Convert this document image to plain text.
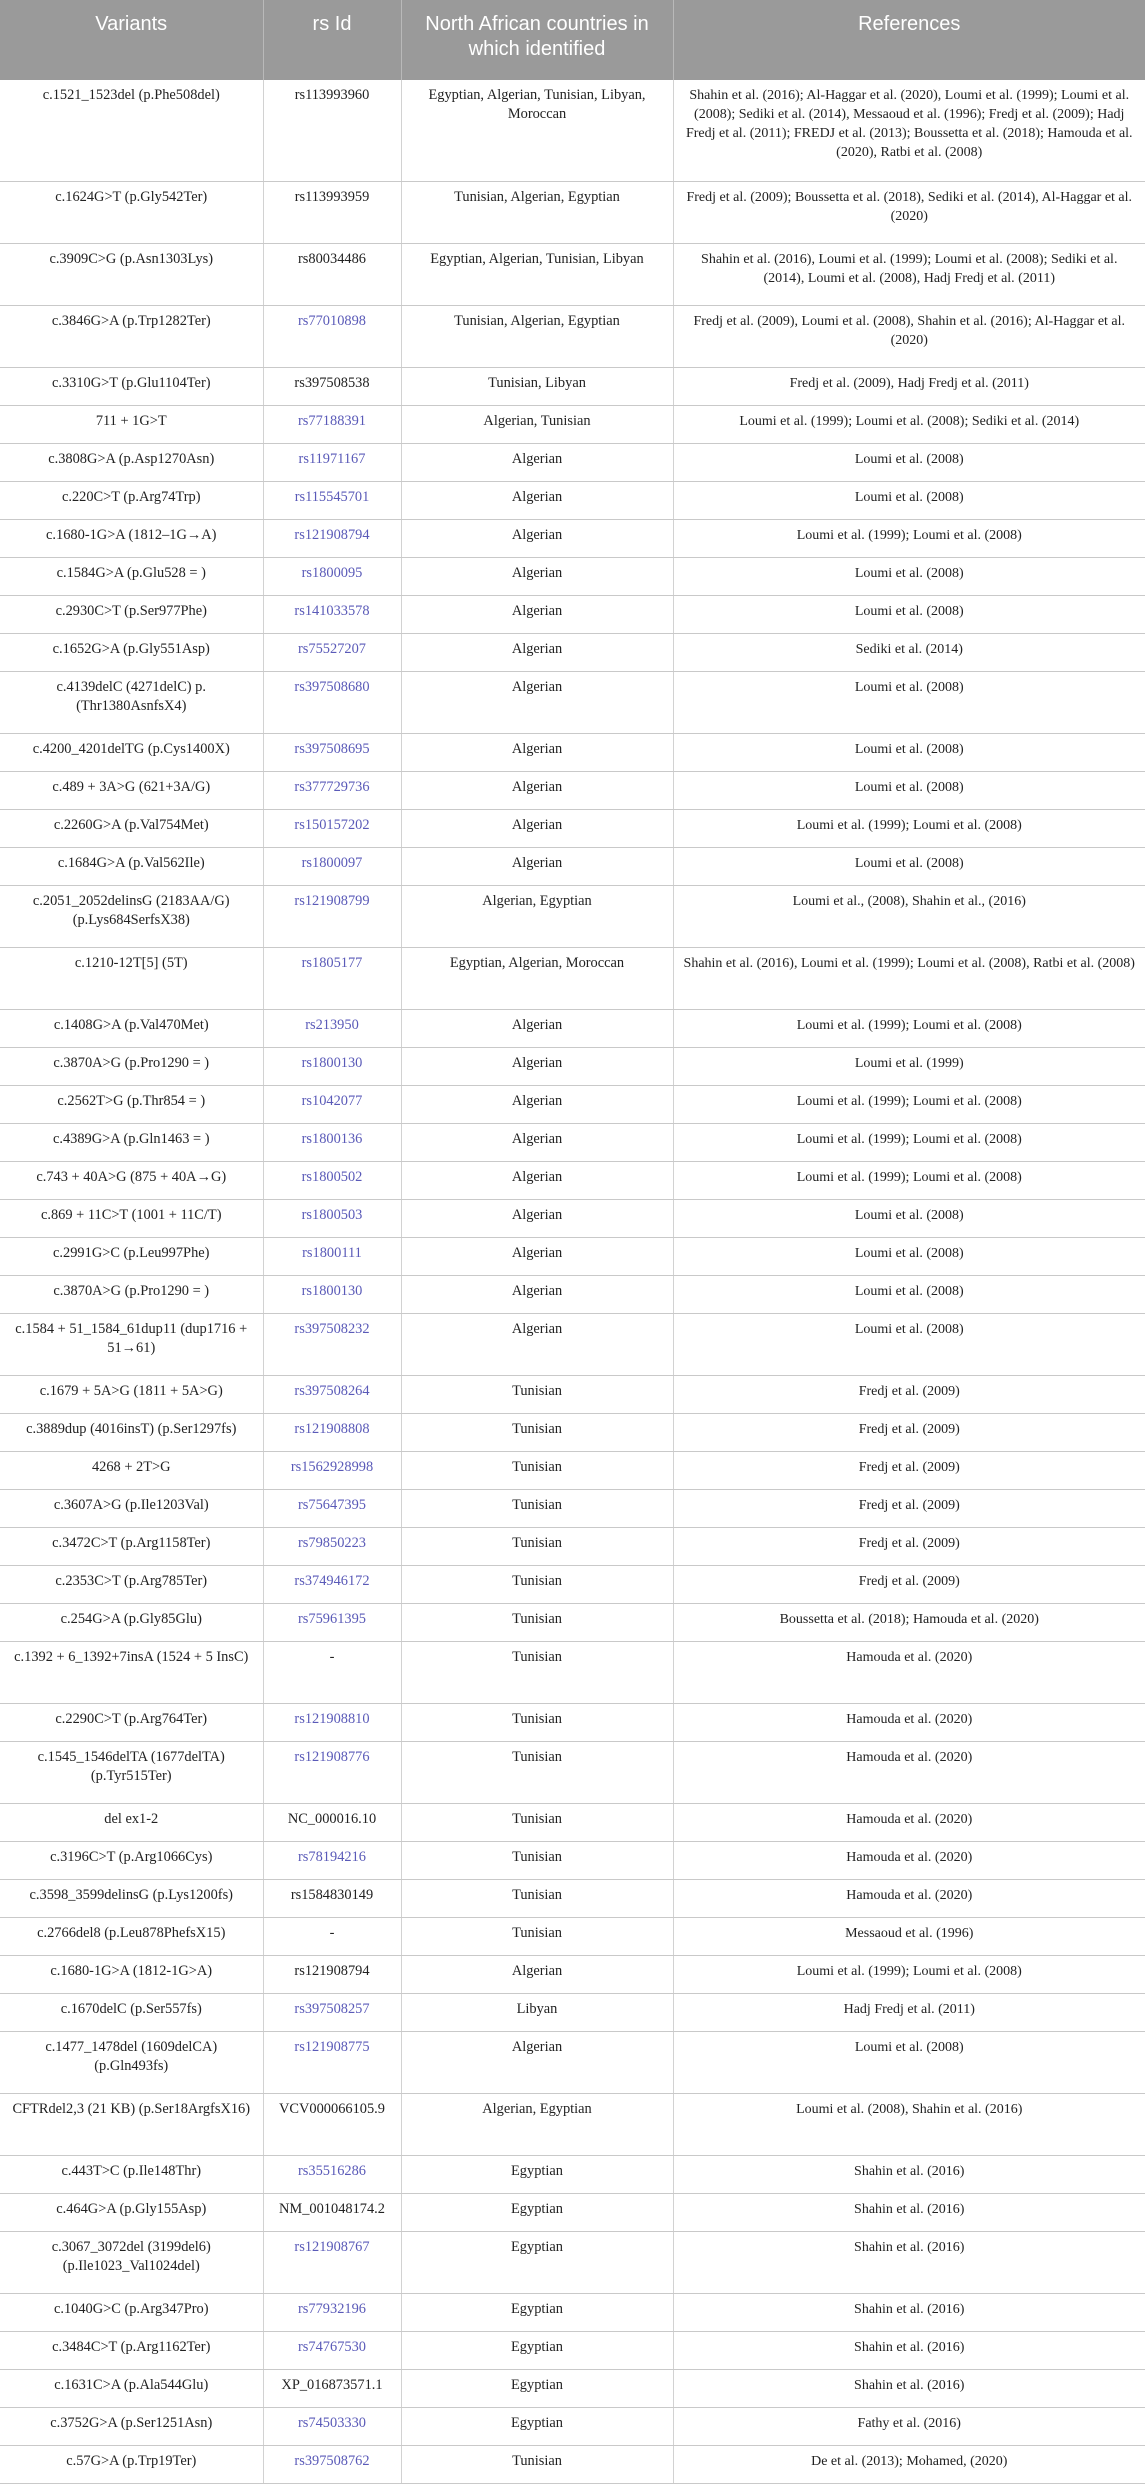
Variants	rs Id	North African countries in which identified	References
c.1521_1523del (p.Phe508del)	rs113993960	Egyptian, Algerian, Tunisian, Libyan, Moroccan	Shahin et al. (2016); Al-Haggar et al. (2020), Loumi et al. (1999); Loumi et al. (2008); Sediki et al. (2014), Messaoud et al. (1996); Fredj et al. (2009); Hadj Fredj et al. (2011); FREDJ et al. (2013); Boussetta et al. (2018); Hamouda et al. (2020), Ratbi et al. (2008)
c.1624G>T (p.Gly542Ter)	rs113993959	Tunisian, Algerian, Egyptian	Fredj et al. (2009); Boussetta et al. (2018), Sediki et al. (2014), Al-Haggar et al. (2020)
c.3909C>G (p.Asn1303Lys)	rs80034486	Egyptian, Algerian, Tunisian, Libyan	Shahin et al. (2016), Loumi et al. (1999); Loumi et al. (2008); Sediki et al. (2014), Loumi et al. (2008), Hadj Fredj et al. (2011)
c.3846G>A (p.Trp1282Ter)	rs77010898	Tunisian, Algerian, Egyptian	Fredj et al. (2009), Loumi et al. (2008), Shahin et al. (2016); Al-Haggar et al. (2020)
c.3310G>T (p.Glu1104Ter)	rs397508538	Tunisian, Libyan	Fredj et al. (2009), Hadj Fredj et al. (2011)
711 + 1G>T	rs77188391	Algerian, Tunisian	Loumi et al. (1999); Loumi et al. (2008); Sediki et al. (2014)
c.3808G>A (p.Asp1270Asn)	rs11971167	Algerian	Loumi et al. (2008)
c.220C>T (p.Arg74Trp)	rs115545701	Algerian	Loumi et al. (2008)
c.1680-1G>A (1812–1G→A)	rs121908794	Algerian	Loumi et al. (1999); Loumi et al. (2008)
c.1584G>A (p.Glu528 = )	rs1800095	Algerian	Loumi et al. (2008)
c.2930C>T (p.Ser977Phe)	rs141033578	Algerian	Loumi et al. (2008)
c.1652G>A (p.Gly551Asp)	rs75527207	Algerian	Sediki et al. (2014)
c.4139delC (4271delC) p.(Thr1380AsnfsX4)	rs397508680	Algerian	Loumi et al. (2008)
c.4200_4201delTG (p.Cys1400X)	rs397508695	Algerian	Loumi et al. (2008)
c.489 + 3A>G (621+3A/G)	rs377729736	Algerian	Loumi et al. (2008)
c.2260G>A (p.Val754Met)	rs150157202	Algerian	Loumi et al. (1999); Loumi et al. (2008)
c.1684G>A (p.Val562Ile)	rs1800097	Algerian	Loumi et al. (2008)
c.2051_2052delinsG (2183AA/G) (p.Lys684SerfsX38)	rs121908799	Algerian, Egyptian	Loumi et al., (2008), Shahin et al., (2016)
c.1210-12T[5] (5T)	rs1805177	Egyptian, Algerian, Moroccan	Shahin et al. (2016), Loumi et al. (1999); Loumi et al. (2008), Ratbi et al. (2008)
c.1408G>A (p.Val470Met)	rs213950	Algerian	Loumi et al. (1999); Loumi et al. (2008)
c.3870A>G (p.Pro1290 = )	rs1800130	Algerian	Loumi et al. (1999)
c.2562T>G (p.Thr854 = )	rs1042077	Algerian	Loumi et al. (1999); Loumi et al. (2008)
c.4389G>A (p.Gln1463 = )	rs1800136	Algerian	Loumi et al. (1999); Loumi et al. (2008)
c.743 + 40A>G (875 + 40A→G)	rs1800502	Algerian	Loumi et al. (1999); Loumi et al. (2008)
c.869 + 11C>T (1001 + 11C/T)	rs1800503	Algerian	Loumi et al. (2008)
c.2991G>C (p.Leu997Phe)	rs1800111	Algerian	Loumi et al. (2008)
c.3870A>G (p.Pro1290 = )	rs1800130	Algerian	Loumi et al. (2008)
c.1584 + 51_1584_61dup11 (dup1716 + 51→61)	rs397508232	Algerian	Loumi et al. (2008)
c.1679 + 5A>G (1811 + 5A>G)	rs397508264	Tunisian	Fredj et al. (2009)
c.3889dup (4016insT) (p.Ser1297fs)	rs121908808	Tunisian	Fredj et al. (2009)
4268 + 2T>G	rs1562928998	Tunisian	Fredj et al. (2009)
c.3607A>G (p.Ile1203Val)	rs75647395	Tunisian	Fredj et al. (2009)
c.3472C>T (p.Arg1158Ter)	rs79850223	Tunisian	Fredj et al. (2009)
c.2353C>T (p.Arg785Ter)	rs374946172	Tunisian	Fredj et al. (2009)
c.254G>A (p.Gly85Glu)	rs75961395	Tunisian	Boussetta et al. (2018); Hamouda et al. (2020)
c.1392 + 6_1392+7insA (1524 + 5 InsC)	-	Tunisian	Hamouda et al. (2020)
c.2290C>T (p.Arg764Ter)	rs121908810	Tunisian	Hamouda et al. (2020)
c.1545_1546delTA (1677delTA) (p.Tyr515Ter)	rs121908776	Tunisian	Hamouda et al. (2020)
del ex1-2	NC_000016.10	Tunisian	Hamouda et al. (2020)
c.3196C>T (p.Arg1066Cys)	rs78194216	Tunisian	Hamouda et al. (2020)
c.3598_3599delinsG (p.Lys1200fs)	rs1584830149	Tunisian	Hamouda et al. (2020)
c.2766del8 (p.Leu878PhefsX15)	-	Tunisian	Messaoud et al. (1996)
c.1680-1G>A (1812-1G>A)	rs121908794	Algerian	Loumi et al. (1999); Loumi et al. (2008)
c.1670delC (p.Ser557fs)	rs397508257	Libyan	Hadj Fredj et al. (2011)
c.1477_1478del (1609delCA) (p.Gln493fs)	rs121908775	Algerian	Loumi et al. (2008)
CFTRdel2,3 (21 KB) (p.Ser18ArgfsX16)	VCV000066105.9	Algerian, Egyptian	Loumi et al. (2008), Shahin et al. (2016)
c.443T>C (p.Ile148Thr)	rs35516286	Egyptian	Shahin et al. (2016)
c.464G>A (p.Gly155Asp)	NM_001048174.2	Egyptian	Shahin et al. (2016)
c.3067_3072del (3199del6) (p.Ile1023_Val1024del)	rs121908767	Egyptian	Shahin et al. (2016)
c.1040G>C (p.Arg347Pro)	rs77932196	Egyptian	Shahin et al. (2016)
c.3484C>T (p.Arg1162Ter)	rs74767530	Egyptian	Shahin et al. (2016)
c.1631C>A (p.Ala544Glu)	XP_016873571.1	Egyptian	Shahin et al. (2016)
c.3752G>A (p.Ser1251Asn)	rs74503330	Egyptian	Fathy et al. (2016)
c.57G>A (p.Trp19Ter)	rs397508762	Tunisian	De et al. (2013); Mohamed, (2020)
